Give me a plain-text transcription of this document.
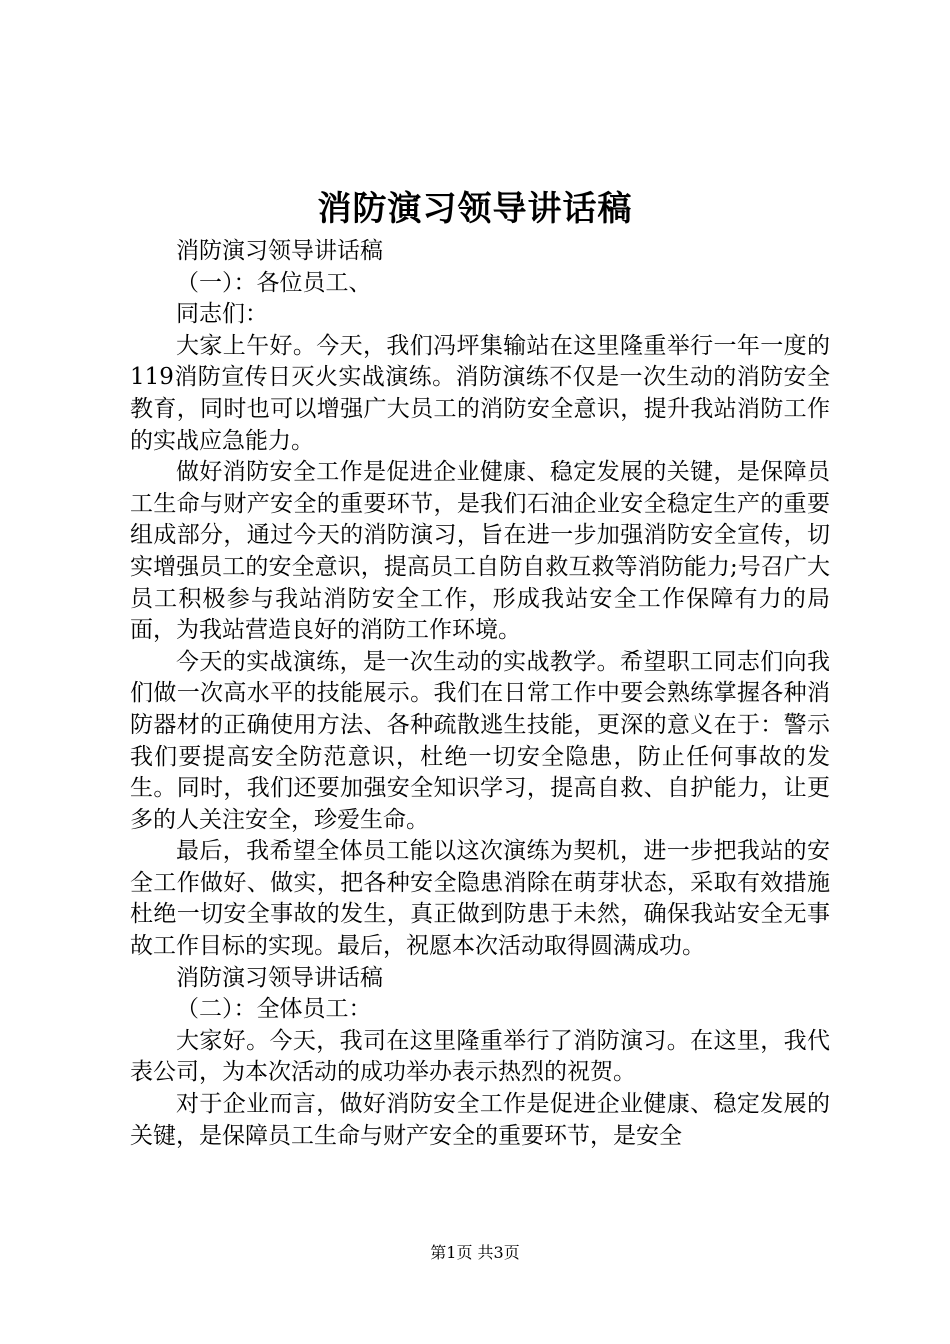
消防演习领导讲话稿

消防演习领导讲话稿

（一）：各位员工、

同志们：

大家上午好。今天，我们冯坪集输站在这里隆重举行一年一度的119消防宣传日灭火实战演练。消防演练不仅是一次生动的消防安全教育，同时也可以增强广大员工的消防安全意识，提升我站消防工作的实战应急能力。

做好消防安全工作是促进企业健康、稳定发展的关键，是保障员工生命与财产安全的重要环节，是我们石油企业安全稳定生产的重要组成部分，通过今天的消防演习，旨在进一步加强消防安全宣传，切实增强员工的安全意识，提高员工自防自救互救等消防能力;号召广大员工积极参与我站消防安全工作，形成我站安全工作保障有力的局面，为我站营造良好的消防工作环境。

今天的实战演练，是一次生动的实战教学。希望职工同志们向我们做一次高水平的技能展示。我们在日常工作中要会熟练掌握各种消防器材的正确使用方法、各种疏散逃生技能，更深的意义在于：警示我们要提高安全防范意识，杜绝一切安全隐患，防止任何事故的发生。同时，我们还要加强安全知识学习，提高自救、自护能力，让更多的人关注安全，珍爱生命。

最后，我希望全体员工能以这次演练为契机，进一步把我站的安全工作做好、做实，把各种安全隐患消除在萌芽状态，采取有效措施杜绝一切安全事故的发生，真正做到防患于未然，确保我站安全无事故工作目标的实现。最后，祝愿本次活动取得圆满成功。

消防演习领导讲话稿

（二）：全体员工：

大家好。今天，我司在这里隆重举行了消防演习。在这里，我代表公司，为本次活动的成功举办表示热烈的祝贺。

对于企业而言，做好消防安全工作是促进企业健康、稳定发展的关键，是保障员工生命与财产安全的重要环节，是安全

第1页 共3页
